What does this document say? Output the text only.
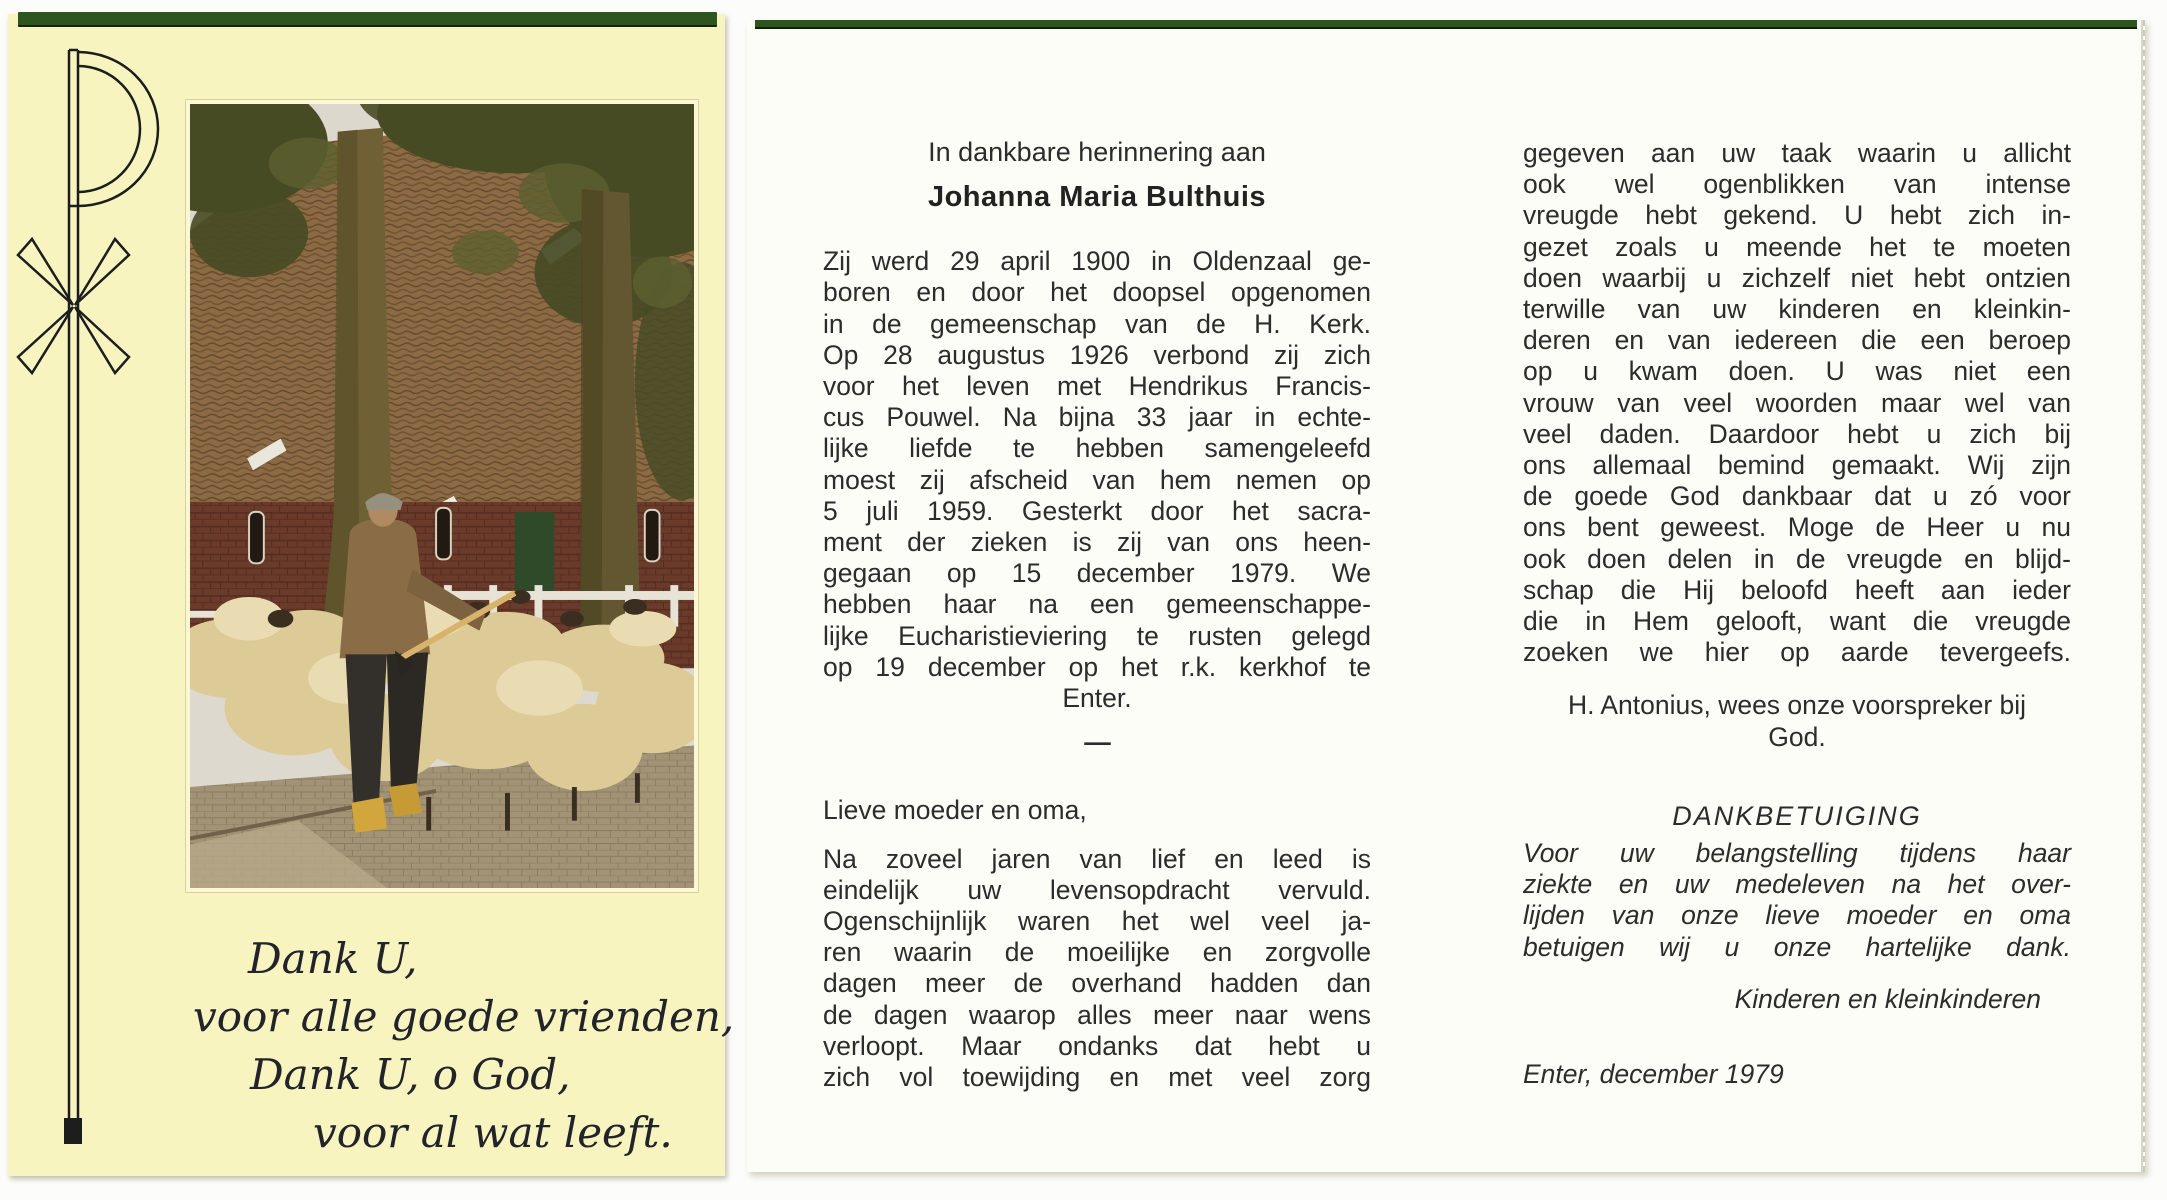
Dank U,
voor alle goede vrienden,
Dank U, o God,
voor al wat leeft.
In dankbare herinnering aan
Johanna Maria Bulthuis
Zij werd 29 april 1900 in Oldenzaal ge-
boren en door het doopsel opgenomen
in de gemeenschap van de H. Kerk.
Op 28 augustus 1926 verbond zij zich
voor het leven met Hendrikus Francis-
cus Pouwel. Na bijna 33 jaar in echte-
lijke liefde te hebben samengeleefd
moest zij afscheid van hem nemen op
5 juli 1959. Gesterkt door het sacra-
ment der zieken is zij van ons heen-
gegaan op 15 december 1979. We
hebben haar na een gemeenschappe-
lijke Eucharistieviering te rusten gelegd
op 19 december op het r.k. kerkhof te
Enter.
—
Lieve moeder en oma,
Na zoveel jaren van lief en leed is
eindelijk uw levensopdracht vervuld.
Ogenschijnlijk waren het wel veel ja-
ren waarin de moeilijke en zorgvolle
dagen meer de overhand hadden dan
de dagen waarop alles meer naar wens
verloopt. Maar ondanks dat hebt u
zich vol toewijding en met veel zorg
gegeven aan uw taak waarin u allicht
ook wel ogenblikken van intense
vreugde hebt gekend. U hebt zich in-
gezet zoals u meende het te moeten
doen waarbij u zichzelf niet hebt ontzien
terwille van uw kinderen en kleinkin-
deren en van iedereen die een beroep
op u kwam doen. U was niet een
vrouw van veel woorden maar wel van
veel daden. Daardoor hebt u zich bij
ons allemaal bemind gemaakt. Wij zijn
de goede God dankbaar dat u zó voor
ons bent geweest. Moge de Heer u nu
ook doen delen in de vreugde en blijd-
schap die Hij beloofd heeft aan ieder
die in Hem gelooft, want die vreugde
zoeken we hier op aarde tevergeefs.
H. Antonius, wees onze voorspreker bij
God.
DANKBETUIGING
Voor uw belangstelling tijdens haar
ziekte en uw medeleven na het over-
lijden van onze lieve moeder en oma
betuigen wij u onze hartelijke dank.
Kinderen en kleinkinderen
Enter, december 1979
